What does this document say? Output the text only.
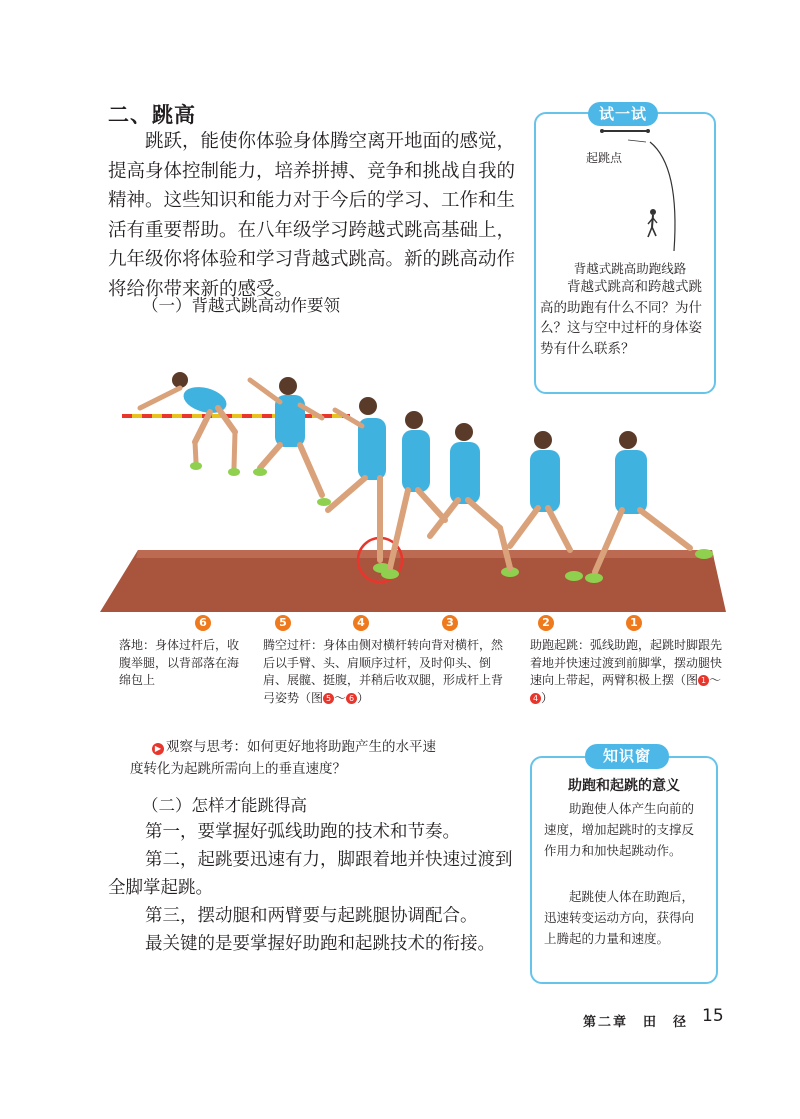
二、跳高

跳跃，能使你体验身体腾空离开地面的感觉，提高身体控制能力，培养拼搏、竞争和挑战自我的精神。这些知识和能力对于今后的学习、工作和生活有重要帮助。在八年级学习跨越式跳高基础上，九年级你将体验和学习背越式跳高。新的跳高动作将给你带来新的感受。

（一）背越式跳高动作要领
试一试
起跳点
背越式跳高助跑线路

背越式跳高和跨越式跳高的助跑有什么不同？为什么？这与空中过杆的身体姿势有什么联系？

6	5	4	3	2	1

落地：身体过杆后，收腹举腿，以背部落在海绵包上

腾空过杆：身体由侧对横杆转向背对横杆，然后以手臂、头、肩顺序过杆，及时仰头、倒肩、展髋、挺腹，并稍后收双腿，形成杆上背弓姿势（图 5 ～ 6 ）

助跑起跳：弧线助跑，起跳时脚跟先着地并快速过渡到前脚掌，摆动腿快速向上带起，两臂积极上摆（图 1 ～4 ）

▶ 观察与思考：如何更好地将助跑产生的水平速

度转化为起跳所需向上的垂直速度？
（二）怎样才能跳得高

第一，要掌握好弧线助跑的技术和节奏。

第二，起跳要迅速有力，脚跟着地并快速过渡到全脚掌起跳。

第三，摆动腿和两臂要与起跳腿协调配合。

最关键的是要掌握好助跑和起跳技术的衔接。

知识窗
助跑和起跳的意义

助跑使人体产生向前的速度，增加起跳时的支撑反作用力和加快起跳动作。

起跳使人体在助跑后，迅速转变运动方向，获得向上腾起的力量和速度。

第二章　田　径 15
